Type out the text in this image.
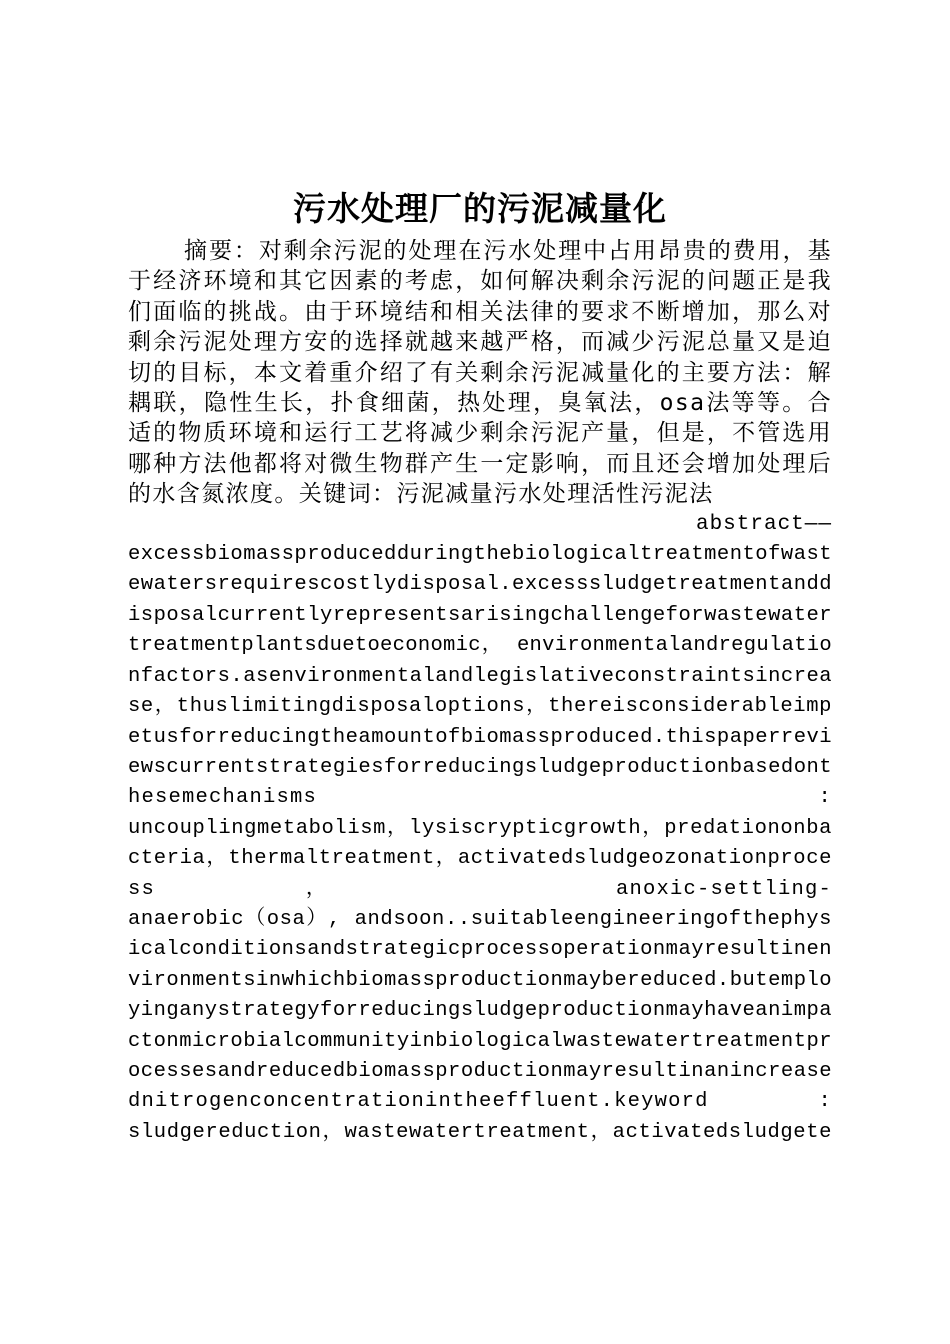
污水处理厂的污泥减量化

摘要：对剩余污泥的处理在污水处理中占用昂贵的费用，基于经济环境和其它因素的考虑，如何解决剩余污泥的问题正是我们面临的挑战。由于环境结和相关法律的要求不断增加，那么对剩余污泥处理方安的选择就越来越严格，而减少污泥总量又是迫切的目标，本文着重介绍了有关剩余污泥减量化的主要方法：解耦联，隐性生长，扑食细菌，热处理，臭氧法，osa法等等。合适的物质环境和运行工艺将减少剩余污泥产量，但是，不管选用哪种方法他都将对微生物群产生一定影响，而且还会增加处理后的水含氮浓度。关键词：污泥减量污水处理活性污泥法

abstract——

excessbiomassproducedduringthebiologicaltreatmentofwast
ewatersrequirescostlydisposal.excesssludgetreatmentandd
isposalcurrentlyrepresentsarisingchallengeforwastewater
treatmentplantsduetoeconomic， environmentalandregulatio
nfactors.asenvironmentalandlegislativeconstraintsincrea
se，thuslimitingdisposaloptions，thereisconsiderableimp
etusforreducingtheamountofbiomassproduced.thispaperrevi
ewscurrentstrategiesforreducingsludgeproductionbasedont
hesemechanisms :
uncouplingmetabolism，lysiscrypticgrowth，predationonba
cteria，thermaltreatment，activatedsludgeozonationproce
ss ， anoxic-settling-
anaerobic（osa）, andsoon..suitableengineeringofthephys
icalconditionsandstrategicprocessoperationmayresultinen
vironmentsinwhichbiomassproductionmaybereduced.butemplo
yinganystrategyforreducingsludgeproductionmayhaveanimpa
ctonmicrobialcommunityinbiologicalwastewatertreatmentpr
ocessesandreducedbiomassproductionmayresultinanincrease
dnitrogenconcentrationintheeffluent.keyword :
sludgereduction，wastewatertreatment，activatedsludgete
